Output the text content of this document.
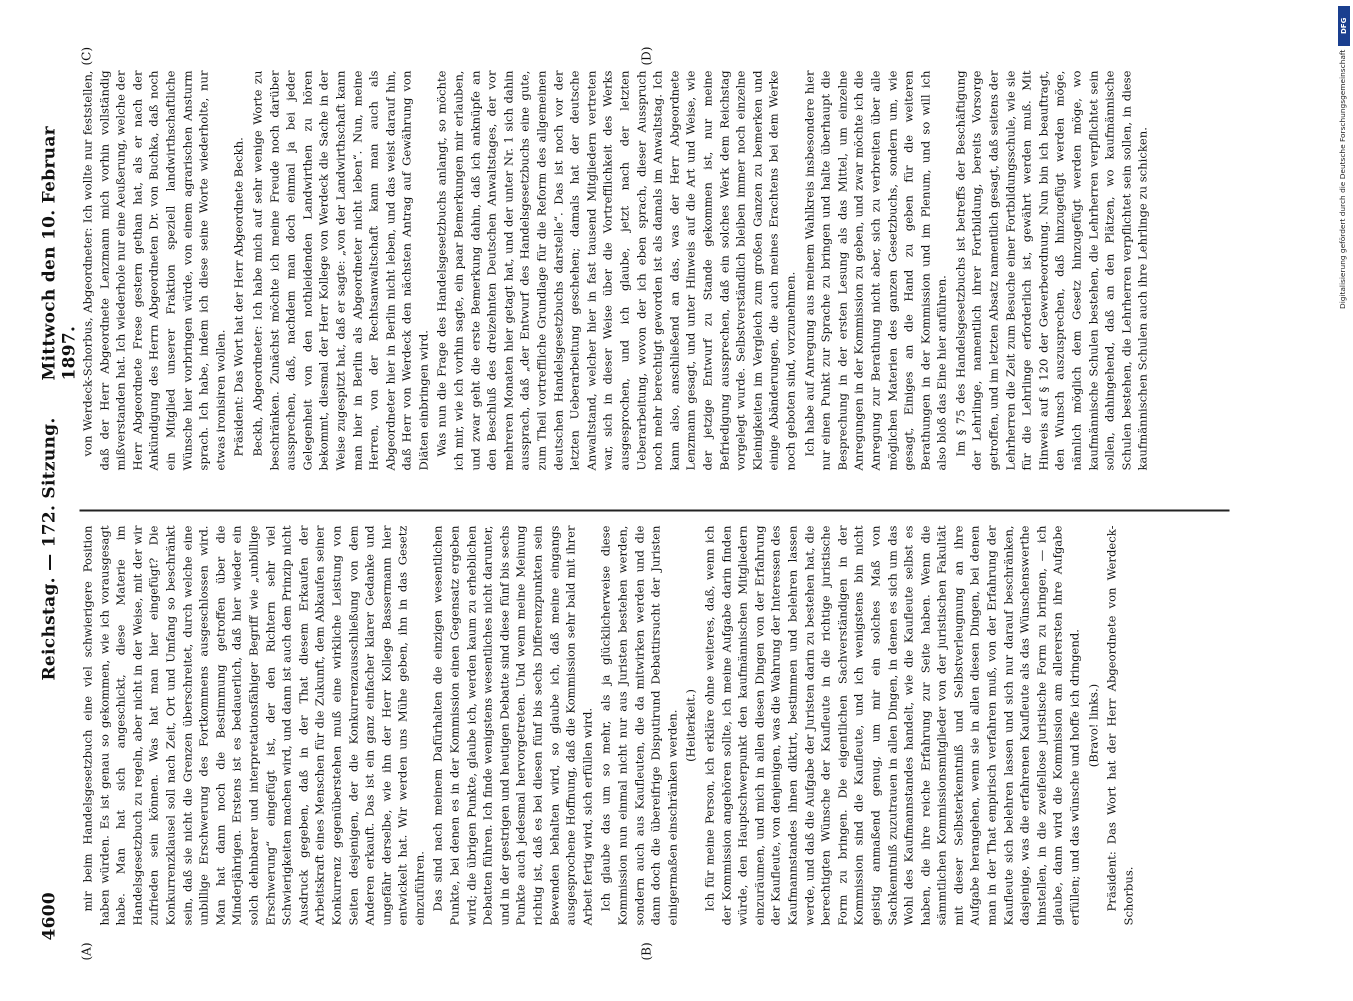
4600
Reichstag. — 172. Sitzung.
Mittwoch den 10. Februar 1897.

mir beim Handelsgesetzbuch eine viel schwierigere Position haben würden. Es ist genau so gekommen, wie ich vorausgesagt habe. Man hat sich angeschickt, diese Materie im Handelsgesetzbuch zu regeln, aber nicht in der Weise, mit der wir zufrieden sein können. Was hat man hier eingefügt? Die Konkurrenzklausel soll nach Zeit, Ort und Umfang so beschränkt sein, daß sie nicht die Grenzen überschreitet, durch welche eine unbillige Erschwerung des Fortkommens ausgeschlossen wird. Man hat dann noch die Bestimmung getroffen über die Minderjährigen. Erstens ist es bedauerlich, daß hier wieder ein solch dehnbarer und interpretationsfähiger Begriff wie „unbillige Erschwerung“ eingefügt ist, der den Richtern sehr viel Schwierigkeiten machen wird, und dann ist auch dem Prinzip nicht Ausdruck gegeben, daß in der That diesem Erkaufen der Arbeitskraft eines Menschen für die Zukunft, dem Abkaufen seiner Konkurrenz gegenüberstehen muß eine wirkliche Leistung von Seiten desjenigen, der die Konkurrenzausschließung von dem Anderen erkauft. Das ist ein ganz einfacher klarer Gedanke und ungefähr derselbe, wie ihn der Herr Kollege Bassermann hier entwickelt hat. Wir werden uns Mühe geben, ihn in das Gesetz einzuführen. Das sind nach meinem Dafürhalten die einzigen wesentlichen Punkte, bei denen es in der Kommission einen Gegensatz ergeben wird; die übrigen Punkte, glaube ich, werden kaum zu erheblichen Debatten führen. Ich finde wenigstens wesentliches nicht darunter, und in der gestrigen und heutigen Debatte sind diese fünf bis sechs Punkte auch jedesmal hervorgetreten. Und wenn meine Meinung richtig ist, daß es bei diesen fünf bis sechs Differenzpunkten sein Bewenden behalten wird, so glaube ich, daß meine eingangs ausgesprochene Hoffnung, daß die Kommission sehr bald mit ihrer Arbeit fertig wird, sich erfüllen wird. Ich glaube das um so mehr, als ja glücklicherweise diese Kommission nun einmal nicht nur aus Juristen bestehen werden, sondern auch aus Kaufleuten, die da mitwirken werden und die dann doch die übereifrige Disputirund Debattirsucht der Juristen einigermaßen einschränken werden. (Heiterkeit.) Ich für meine Person, ich erkläre ohne weiteres, daß, wenn ich der Kommission angehören sollte, ich meine Aufgabe darin finden würde, den Hauptschwerpunkt den kaufmännischen Mitgliedern einzuräumen, und mich in allen diesen Dingen von der Erfahrung der Kaufleute, von denjenigen, was die Wahrung der Interessen des Kaufmannstandes ihnen diktirt, bestimmen und belehren lassen werde, und daß die Aufgabe der Juristen darin zu bestehen hat, die berechtigten Wünsche der Kaufleute in die richtige juristische Form zu bringen. Die eigentlichen Sachverständigen in der Kommission sind die Kaufleute, und ich wenigstens bin nicht geistig anmaßend genug, um mir ein solches Maß von Sachkenntniß zuzutrauen in allen Dingen, in denen es sich um das Wohl des Kaufmannstandes handelt, wie die Kaufleute selbst es haben, die ihre reiche Erfahrung zur Seite haben. Wenn die sämmtlichen Kommissionsmitglieder von der juristischen Fakultät mit dieser Selbsterkenntniß und Selbstverleugnung an ihre Aufgabe herangehen, wenn sie in allen diesen Dingen, bei denen man in der That empirisch verfahren muß, von der Erfahrung der Kaufleute sich belehren lassen und sich nur darauf beschränken, dasjenige, was die erfahrenen Kaufleute als das Wünschenswerthe hinstellen, in die zweifellose juristische Form zu bringen, — ich glaube, dann wird die Kommission am allerersten ihre Aufgabe erfüllen; und das wünsche und hoffe ich dringend. (Bravo! links.) Präsident: Das Wort hat der Herr Abgeordnete von Werdeck-Schorbus.

von Werdeck-Schorbus, Abgeordneter: Ich wollte nur feststellen, daß der Herr Abgeordnete Lenzmann mich vorhin vollständig mißverstanden hat. Ich wiederhole nur eine Aeußerung, welche der Herr Abgeordnete Frese gestern gethan hat, als er nach der Ankündigung des Herrn Abgeordneten Dr. von Buchka, daß noch ein Mitglied unserer Fraktion speziell landwirthschaftliche Wünsche hier vorbringen würde, von einem agrarischen Ansturm sprach. Ich habe, indem ich diese seine Worte wiederholte, nur etwas ironisiren wollen. Präsident: Das Wort hat der Herr Abgeordnete Beckh. Beckh, Abgeordneter: Ich habe mich auf sehr wenige Worte zu beschränken. Zunächst möchte ich meine Freude noch darüber aussprechen, daß, nachdem man doch einmal ja bei jeder Gelegenheit von den nothleidenden Landwirthen zu hören bekommt, diesmal der Herr Kollege von Werdeck die Sache in der Weise zugespitzt hat, daß er sagte: „von der Landwirthschaft kann man hier in Berlin als Abgeordneter nicht leben“. Nun, meine Herren, von der Rechtsanwaltschaft kann man auch als Abgeordneter hier in Berlin nicht leben, und das weist darauf hin, daß Herr von Werdeck den nächsten Antrag auf Gewährung von Diäten einbringen wird. Was nun die Frage des Handelsgesetzbuchs anlangt, so möchte ich mir, wie ich vorhin sagte, ein paar Bemerkungen mir erlauben, und zwar geht die erste Bemerkung dahin, daß ich anknüpfe an den Beschluß des dreizehnten Deutschen Anwaltstages, der vor mehreren Monaten hier getagt hat, und der unter Nr. 1 sich dahin aussprach, daß „der Entwurf des Handelsgesetzbuchs eine gute, zum Theil vortreffliche Grundlage für die Reform des allgemeinen deutschen Handelsgesetzbuchs darstelle“. Das ist noch vor der letzten Ueberarbeitung geschehen; damals hat der deutsche Anwaltstand, welcher hier in fast tausend Mitgliedern vertreten war, sich in dieser Weise über die Vortrefflichkeit des Werks ausgesprochen, und ich glaube, jetzt nach der letzten Ueberarbeitung, wovon der ich eben sprach, dieser Ausspruch noch mehr berechtigt geworden ist als damals im Anwaltstag. Ich kann also, anschließend an das, was der Herr Abgeordnete Lenzmann gesagt, und unter Hinweis auf die Art und Weise, wie der jetzige Entwurf zu Stande gekommen ist, nur meine Befriedigung aussprechen, daß ein solches Werk dem Reichstag vorgelegt wurde. Selbstverständlich bleiben immer noch einzelne Kleinigkeiten im Vergleich zum großen Ganzen zu bemerken und einige Abänderungen, die auch meines Erachtens bei dem Werke noch geboten sind, vorzunehmen. Ich habe auf Anregung aus meinem Wahlkreis insbesondere hier nur einen Punkt zur Sprache zu bringen und halte überhaupt die Besprechung in der ersten Lesung als das Mittel, um einzelne Anregungen in der Kommission zu geben, und zwar möchte ich die Anregung zur Berathung nicht aber, sich zu verbreiten über alle möglichen Materien des ganzen Gesetzbuchs, sondern um, wie gesagt, Einiges an die Hand zu geben für die weiteren Berathungen in der Kommission und im Plenum, und so will ich also bloß das Eine hier anführen. Im § 75 des Handelsgesetzbuchs ist betreffs der Beschäftigung der Lehrlinge, namentlich ihrer Fortbildung, bereits Vorsorge getroffen, und im letzten Absatz namentlich gesagt, daß seitens der Lehrherren die Zeit zum Besuche einer Fortbildungsschule, wie sie für die Lehrlinge erforderlich ist, gewährt werden muß. Mit Hinweis auf § 120 der Gewerbeordnung. Nun bin ich beauftragt, den Wunsch auszusprechen, daß hinzugefügt werden möge, nämlich möglich dem Gesetz hinzugefügt werden möge, wo kaufmännische Schulen bestehen, die Lehrherren verpflichtet sein sollen, dahingehend, daß an den Plätzen, wo kaufmännische Schulen bestehen, die Lehrherren verpflichtet sein sollen, in diese kaufmännischen Schulen auch ihre Lehrlinge zu schicken.

(A)	(B)
(C)	(D)
DFG
Digitalisierung gefördert durch die Deutsche Forschungsgemeinschaft
